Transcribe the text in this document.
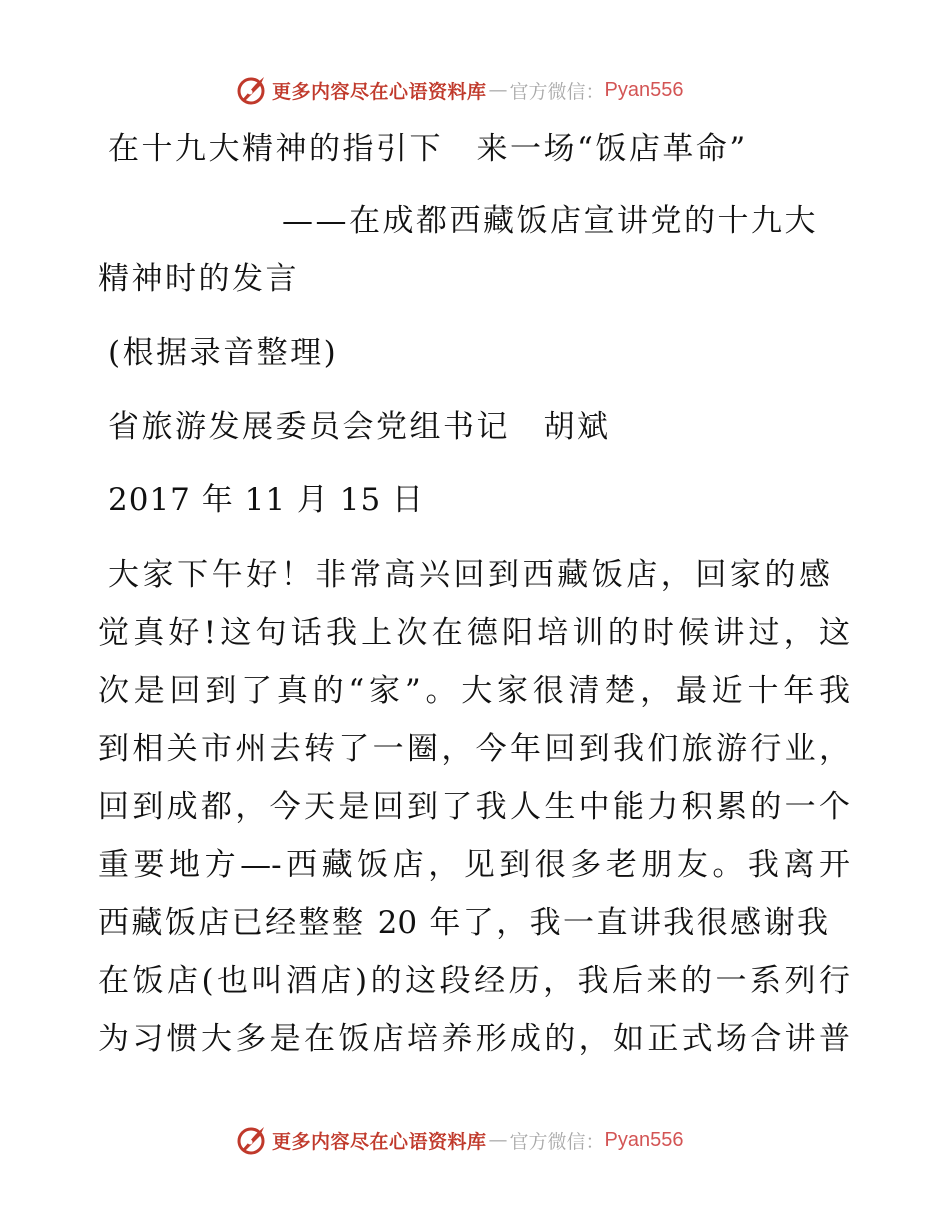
更多内容尽在心语资料库 — 官方微信： Pyan556
在十九大精神的指引下　来一场“饭店革命”
——在成都西藏饭店宣讲党的十九大
精神时的发言
(根据录音整理)
省旅游发展委员会党组书记　胡斌
2017 年 11 月 15 日
大家下午好！非常高兴回到西藏饭店，回家的感
觉真好!这句话我上次在德阳培训的时候讲过，这
次是回到了真的“家”。大家很清楚，最近十年我
到相关市州去转了一圈，今年回到我们旅游行业，
回到成都，今天是回到了我人生中能力积累的一个
重要地方—-西藏饭店，见到很多老朋友。我离开
西藏饭店已经整整 20 年了，我一直讲我很感谢我
在饭店(也叫酒店)的这段经历，我后来的一系列行
为习惯大多是在饭店培养形成的，如正式场合讲普
更多内容尽在心语资料库 — 官方微信： Pyan556
